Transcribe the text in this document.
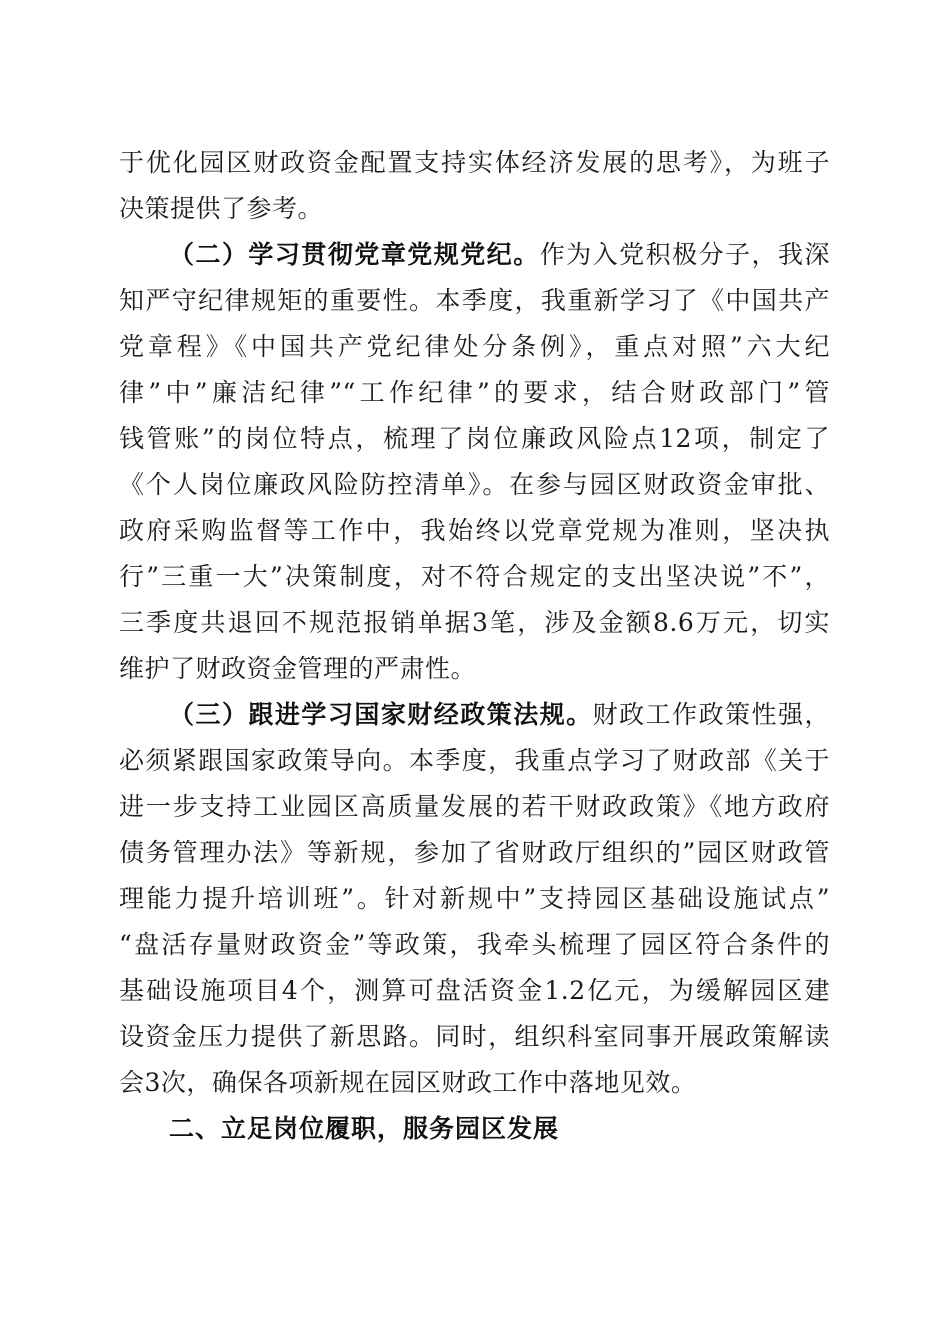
于优化园区财政资金配置支持实体经济发展的思考》，为班子
决策提供了参考。
（二）学习贯彻党章党规党纪。作为入党积极分子，我深
知严守纪律规矩的重要性。本季度，我重新学习了《中国共产
党章程》《中国共产党纪律处分条例》，重点对照”六大纪
律”中”廉洁纪律”“工作纪律”的要求，结合财政部门”管
钱管账”的岗位特点，梳理了岗位廉政风险点12项，制定了
《个人岗位廉政风险防控清单》。在参与园区财政资金审批、
政府采购监督等工作中，我始终以党章党规为准则，坚决执
行”三重一大”决策制度，对不符合规定的支出坚决说”不”，
三季度共退回不规范报销单据3笔，涉及金额8.6万元，切实
维护了财政资金管理的严肃性。
（三）跟进学习国家财经政策法规。财政工作政策性强，
必须紧跟国家政策导向。本季度，我重点学习了财政部《关于
进一步支持工业园区高质量发展的若干财政政策》《地方政府
债务管理办法》等新规，参加了省财政厅组织的”园区财政管
理能力提升培训班”。针对新规中”支持园区基础设施试点”
“盘活存量财政资金”等政策，我牵头梳理了园区符合条件的
基础设施项目4个，测算可盘活资金1.2亿元，为缓解园区建
设资金压力提供了新思路。同时，组织科室同事开展政策解读
会3次，确保各项新规在园区财政工作中落地见效。
二、立足岗位履职，服务园区发展
